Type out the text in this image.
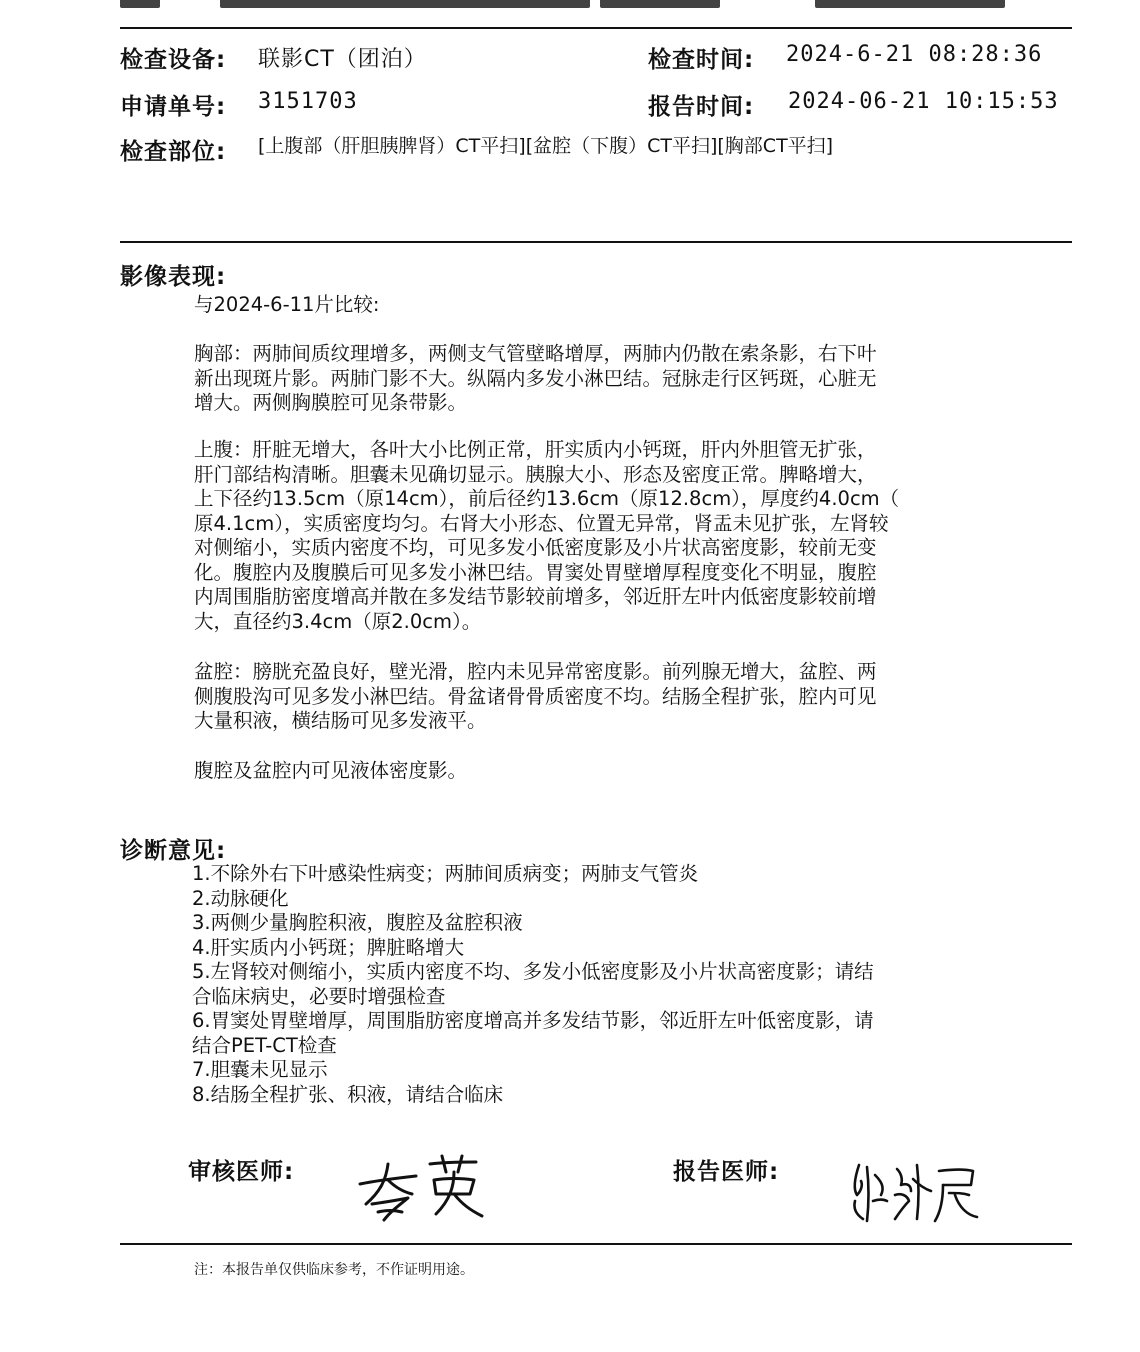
检查设备: 联影CT（团泊）	检查时间: 2024-6-21 08:28:36
申请单号: 3151703	报告时间: 2024-06-21 10:15:53
检查部位: [上腹部（肝胆胰脾肾）CT平扫][盆腔（下腹）CT平扫][胸部CT平扫]
影像表现:
与2024-6-11片比较:
胸部：两肺间质纹理增多，两侧支气管壁略增厚，两肺内仍散在索条影，右下叶
新出现斑片影。两肺门影不大。纵隔内多发小淋巴结。冠脉走行区钙斑，心脏无
增大。两侧胸膜腔可见条带影。
上腹：肝脏无增大，各叶大小比例正常，肝实质内小钙斑，肝内外胆管无扩张，
肝门部结构清晰。胆囊未见确切显示。胰腺大小、形态及密度正常。脾略增大，
上下径约13.5cm（原14cm），前后径约13.6cm（原12.8cm），厚度约4.0cm（
原4.1cm），实质密度均匀。右肾大小形态、位置无异常，肾盂未见扩张，左肾较
对侧缩小，实质内密度不均，可见多发小低密度影及小片状高密度影，较前无变
化。腹腔内及腹膜后可见多发小淋巴结。胃窦处胃壁增厚程度变化不明显，腹腔
内周围脂肪密度增高并散在多发结节影较前增多，邻近肝左叶内低密度影较前增
大，直径约3.4cm（原2.0cm）。
盆腔：膀胱充盈良好，壁光滑，腔内未见异常密度影。前列腺无增大，盆腔、两
侧腹股沟可见多发小淋巴结。骨盆诸骨骨质密度不均。结肠全程扩张，腔内可见
大量积液，横结肠可见多发液平。
腹腔及盆腔内可见液体密度影。
诊断意见:
1.不除外右下叶感染性病变；两肺间质病变；两肺支气管炎
2.动脉硬化
3.两侧少量胸腔积液，腹腔及盆腔积液
4.肝实质内小钙斑；脾脏略增大
5.左肾较对侧缩小，实质内密度不均、多发小低密度影及小片状高密度影；请结
合临床病史，必要时增强检查
6.胃窦处胃壁增厚，周围脂肪密度增高并多发结节影，邻近肝左叶低密度影，请
结合PET-CT检查
7.胆囊未见显示
8.结肠全程扩张、积液，请结合临床
审核医师:	报告医师:
注：本报告单仅供临床参考，不作证明用途。
